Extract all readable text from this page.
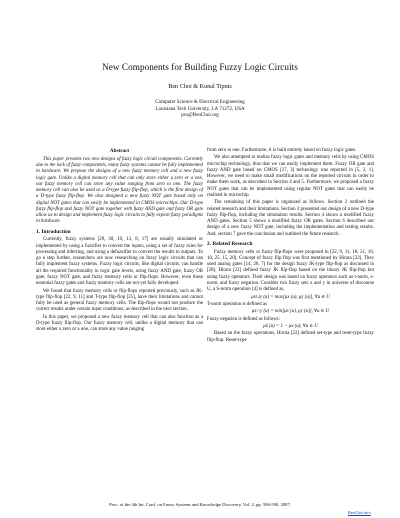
New Components for Building Fuzzy Logic Circuits
Ben Choi & Kunal Tipnis
Computer Science & Electrical Engineering
Louisiana Tech University, LA 71272, USA
pro@BenChoi.org
Abstract

This paper presents two new designs of fuzzy logic circuit components. Currently due to the lack of fuzzy components, many fuzzy systems cannot be fully implemented in hardware. We propose the designs of a new fuzzy memory cell and a new fuzzy logic gate. Unlike a digital memory cell that can only store either a zero or a one, our fuzzy memory cell can store any value ranging from zero to one. The fuzzy memory cell can also be used as a D-type fuzzy flip-flop, which is the first design of a D-type fuzzy flip-flop. We also designed a new fuzzy NOT gate based only on digital NOT gates that can easily be implemented in CMOS microchips. Our D-type fuzzy flip-flop and fuzzy NOT gate together with fuzzy AND gate and fuzzy OR gate allow us to design and implement fuzzy logic circuits to fully exploit fuzzy paradigms in hardware.

1. Introduction

Currently, fuzzy systems [29, 30, 19, 13, 8, 17] are usually simulated or implemented by using a fuzzifier to convert the inputs, using a set of fuzzy rules for processing and inferring, and using a defuzzifier to convert the results to outputs. To go a step further, researchers are now researching on fuzzy logic circuits that can fully implement fuzzy systems. Fuzzy logic circuits, like digital circuits, can handle all the required functionality in logic gate levels, using fuzzy AND gate, fuzzy OR gate, fuzzy NOT gate, and fuzzy memory cells or flip-flops. However, even these essential fuzzy gates and fuzzy memory cells are not yet fully developed.

We found that fuzzy memory cells or flip-flops reported previously, such as JK-type flip-flop [22, 9, 11] and T-type flip-flop [25], have their limitations and cannot fully be used as general fuzzy memory cells. The flip-flops would not produce the correct results under certain input conditions, as described in the next section.

In this paper, we proposed a new fuzzy memory cell that can also function as a D-type fuzzy flip-flop. Our fuzzy memory cell, unlike a digital memory that can store either a zero or a one, can store any value ranging

from zero to one. Furthermore, it is built entirely based on fuzzy logic gates.

We also attempted to realize fuzzy logic gates and memory cells by using CMOS microchip technology, thus that we can easily implement them. Fuzzy OR gate and fuzzy AND gate based on CMOS [27, 3] technology was reported in [5, 2, 1]. However, we need to make small modifications on the reported circuits in order to make them work, as described in Section 4 and 5. Furthermore, we proposed a fuzzy NOT gates that can be implemented using regular NOT gates that can easily be realized in microchip.

The remaining of this paper is organized as follows. Section 2 outlined the related research and their limitations. Section 3 presented our design of a new D-type fuzzy flip-flop, including the simulation results. Section 4 shows a modified fuzzy AND gates. Section 5 shows a modified fuzzy OR gates. Section 6 described our design of a new fuzzy NOT gate, including the implementation and testing results. And, section 7 gave the conclusion and outlined the future research.

2. Related Research

Fuzzy memory cells or fuzzy flip-flops were proposed in [22, 9, 11, 18, 21, 16, 10, 25, 15, 20]. Concept of fuzzy flip flop was first mentioned by Hirota [22]. They used analog gates [14, 26, 7] for the design fuzzy JK-type flip-flop as discussed in [28]. Hirota [22] defined fuzzy JK flip-flop based on the binary JK flip-flop but using fuzzy operators. Their design was based on fuzzy operators such as t-norm, s-norm, and fuzzy negation. Consider two fuzzy sets x and y in universe of discourse U, a S-norm operation [4] is defined as,

μx∪y (u) = max[μx (u), μy (u)], ∀u ∈ U

T-norm operation is defined as

μx∩y (u) = min[μx (u), μy (u)], ∀u ∈ U

Fuzzy negation is defined as follows:

μx̄ (u) = 1 − μx (u), ∀u ∈ U

Based on the fuzzy operations, Hirota [22] defined set-type and reset-type fuzzy flip-flop. Reset-type

Proc. of the 4th Int. Conf. on Fuzzy Systems and Knowledge Discovery, Vol. 2, pp. 586-590, 2007.
BenChoi.info
